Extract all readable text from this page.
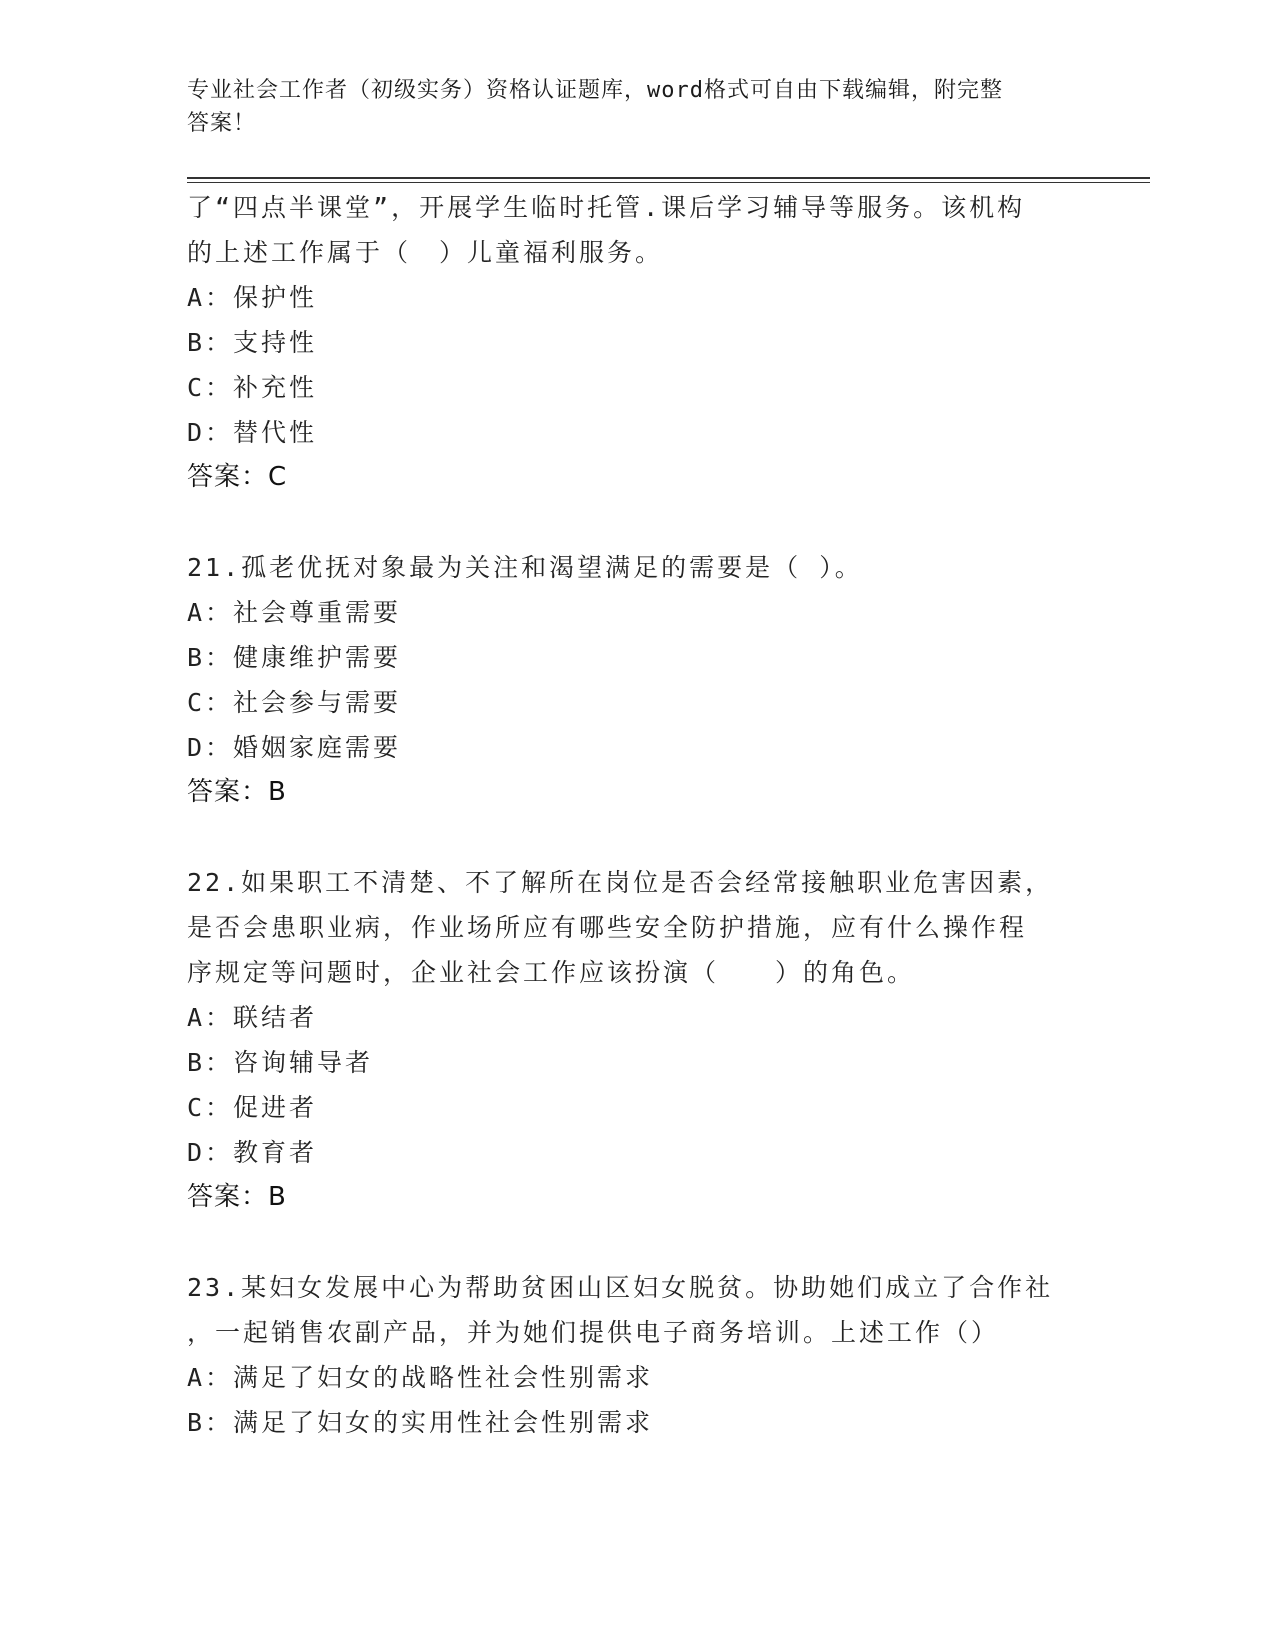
专业社会工作者（初级实务）资格认证题库，word格式可自由下载编辑，附完整
答案！
了“四点半课堂”，开展学生临时托管.课后学习辅导等服务。该机构
的上述工作属于（　）儿童福利服务。
A：保护性
B：支持性
C：补充性
D：替代性
答案：C
21.孤老优抚对象最为关注和渴望满足的需要是（ ）。
A：社会尊重需要
B：健康维护需要
C：社会参与需要
D：婚姻家庭需要
答案：B
22.如果职工不清楚、不了解所在岗位是否会经常接触职业危害因素，
是否会患职业病，作业场所应有哪些安全防护措施，应有什么操作程
序规定等问题时，企业社会工作应该扮演（　　）的角色。
A：联结者
B：咨询辅导者
C：促进者
D：教育者
答案：B
23.某妇女发展中心为帮助贫困山区妇女脱贫。协助她们成立了合作社
，一起销售农副产品，并为她们提供电子商务培训。上述工作（）
A：满足了妇女的战略性社会性别需求
B：满足了妇女的实用性社会性别需求
